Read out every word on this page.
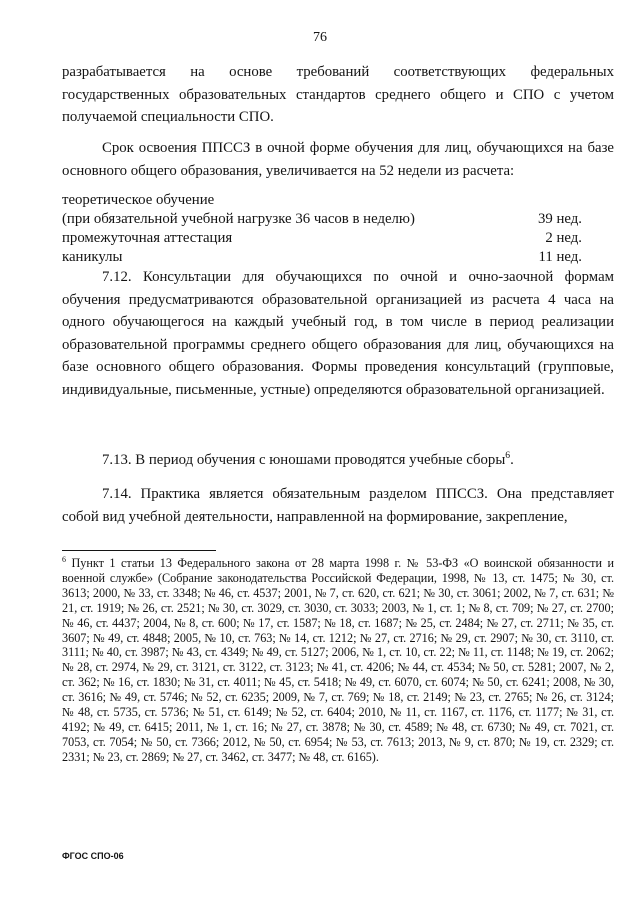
76

разрабатывается на основе требований соответствующих федеральных государственных образовательных стандартов среднего общего и СПО с учетом получаемой специальности СПО.

Срок освоения ППССЗ в очной форме обучения для лиц, обучающихся на базе основного общего образования, увеличивается на 52 недели из расчета:

теоретическое обучение
(при обязательной учебной нагрузке 36 часов в неделю)	39 нед.
промежуточная аттестация	2 нед.
каникулы	11 нед.

7.12. Консультации для обучающихся по очной и очно-заочной формам обучения предусматриваются образовательной организацией из расчета 4 часа на одного обучающегося на каждый учебный год, в том числе в период реализации образовательной программы среднего общего образования для лиц, обучающихся на базе основного общего образования. Формы проведения консультаций (групповые, индивидуальные, письменные, устные) определяются образовательной организацией.

7.13. В период обучения с юношами проводятся учебные сборы$^6$.

7.14. Практика является обязательным разделом ППССЗ. Она представляет собой вид учебной деятельности, направленной на формирование, закрепление,

$^6$ Пункт 1 статьи 13 Федерального закона от 28 марта 1998 г. № 53-ФЗ «О воинской обязанности и военной службе» (Собрание законодательства Российской Федерации, 1998, № 13, ст. 1475; № 30, ст. 3613; 2000, № 33, ст. 3348; № 46, ст. 4537; 2001, № 7, ст. 620, ст. 621; № 30, ст. 3061; 2002, № 7, ст. 631; № 21, ст. 1919; № 26, ст. 2521; № 30, ст. 3029, ст. 3030, ст. 3033; 2003, № 1, ст. 1; № 8, ст. 709; № 27, ст. 2700; № 46, ст. 4437; 2004, № 8, ст. 600; № 17, ст. 1587; № 18, ст. 1687; № 25, ст. 2484; № 27, ст. 2711; № 35, ст. 3607; № 49, ст. 4848; 2005, № 10, ст. 763; № 14, ст. 1212; № 27, ст. 2716; № 29, ст. 2907; № 30, ст. 3110, ст. 3111; № 40, ст. 3987; № 43, ст. 4349; № 49, ст. 5127; 2006, № 1, ст. 10, ст. 22; № 11, ст. 1148; № 19, ст. 2062; № 28, ст. 2974, № 29, ст. 3121, ст. 3122, ст. 3123; № 41, ст. 4206; № 44, ст. 4534; № 50, ст. 5281; 2007, № 2, ст. 362; № 16, ст. 1830; № 31, ст. 4011; № 45, ст. 5418; № 49, ст. 6070, ст. 6074; № 50, ст. 6241; 2008, № 30, ст. 3616; № 49, ст. 5746; № 52, ст. 6235; 2009, № 7, ст. 769; № 18, ст. 2149; № 23, ст. 2765; № 26, ст. 3124; № 48, ст. 5735, ст. 5736; № 51, ст. 6149; № 52, ст. 6404; 2010, № 11, ст. 1167, ст. 1176, ст. 1177; № 31, ст. 4192; № 49, ст. 6415; 2011, № 1, ст. 16; № 27, ст. 3878; № 30, ст. 4589; № 48, ст. 6730; № 49, ст. 7021, ст. 7053, ст. 7054; № 50, ст. 7366; 2012, № 50, ст. 6954; № 53, ст. 7613; 2013, № 9, ст. 870; № 19, ст. 2329; ст. 2331; № 23, ст. 2869; № 27, ст. 3462, ст. 3477; № 48, ст. 6165).

ФГОС СПО-06
